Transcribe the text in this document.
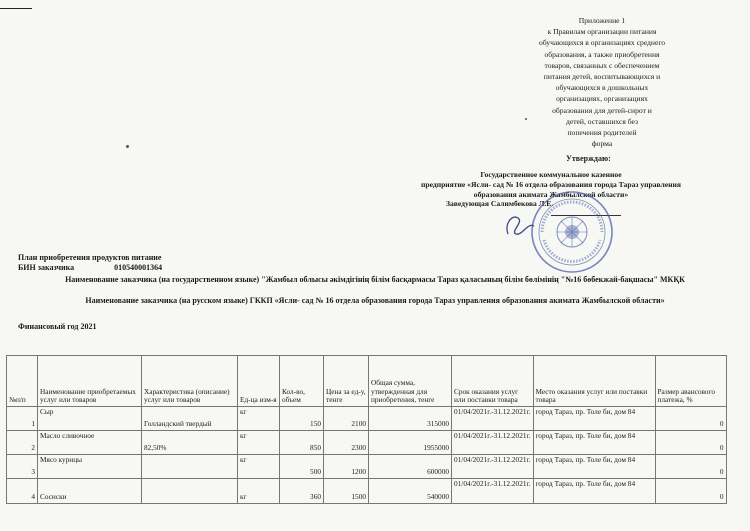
Приложение 1
к Правилам организации питания
обучающихся в организациях среднего
образования, а также приобретения
товаров, связанных с обеспечением
питания детей, воспитывающихся и
обучающихся в дошкольных
организациях, организациях
образования для детей-сирот и
детей, оставшихся без
попечения родителей
форма
Утверждаю:
Государственное коммунальное казенное
предприятие «Ясли- сад № 16 отдела образования города Тараз управления
образования акимата Жамбылской области»
Заведующая Салимбекова Л.Е.
План приобретения продуктов питание
БИН заказчика	010540001364
Наименование заказчика (на государственном языке) "Жамбыл облысы әкімдігінің білім басқармасы Тараз қаласының білім бөлімінің "№16 бөбекжай-бақшасы" МКҚК
Наименование заказчика (на русском языке) ГККП «Ясли- сад № 16 отдела образования города Тараз управления образования акимата Жамбылской области»
Финансовый год 2021
№п/п	Наименование приобретаемых услуг или товаров	Характеристика (описание) услуг или товаров	Ед-ца изм-я	Кол-во, объем	Цена за ед-у, тенге	Общая сумма, утвержденная для приобретения, тенге	Срок оказания услуг или поставки товара	Место оказания услуг или поставки товара	Размер авансового платежа, %
1	Сыр	Голландский твердый	кг	150	2100	315000	01/04/2021г.-31.12.2021г.	город Тараз, пр. Толе би, дом 84	0
2	Масло сливочное	82,50%	кг	850	2300	1955000	01/04/2021г.-31.12.2021г.	город Тараз, пр. Толе би, дом 84	0
3	Мясо курицы		кг	500	1200	600000	01/04/2021г.-31.12.2021г.	город Тараз, пр. Толе би, дом 84	0
4	Сосиски		кг	360	1500	540000	01/04/2021г.-31.12.2021г.	город Тараз, пр. Толе би, дом 84	0
